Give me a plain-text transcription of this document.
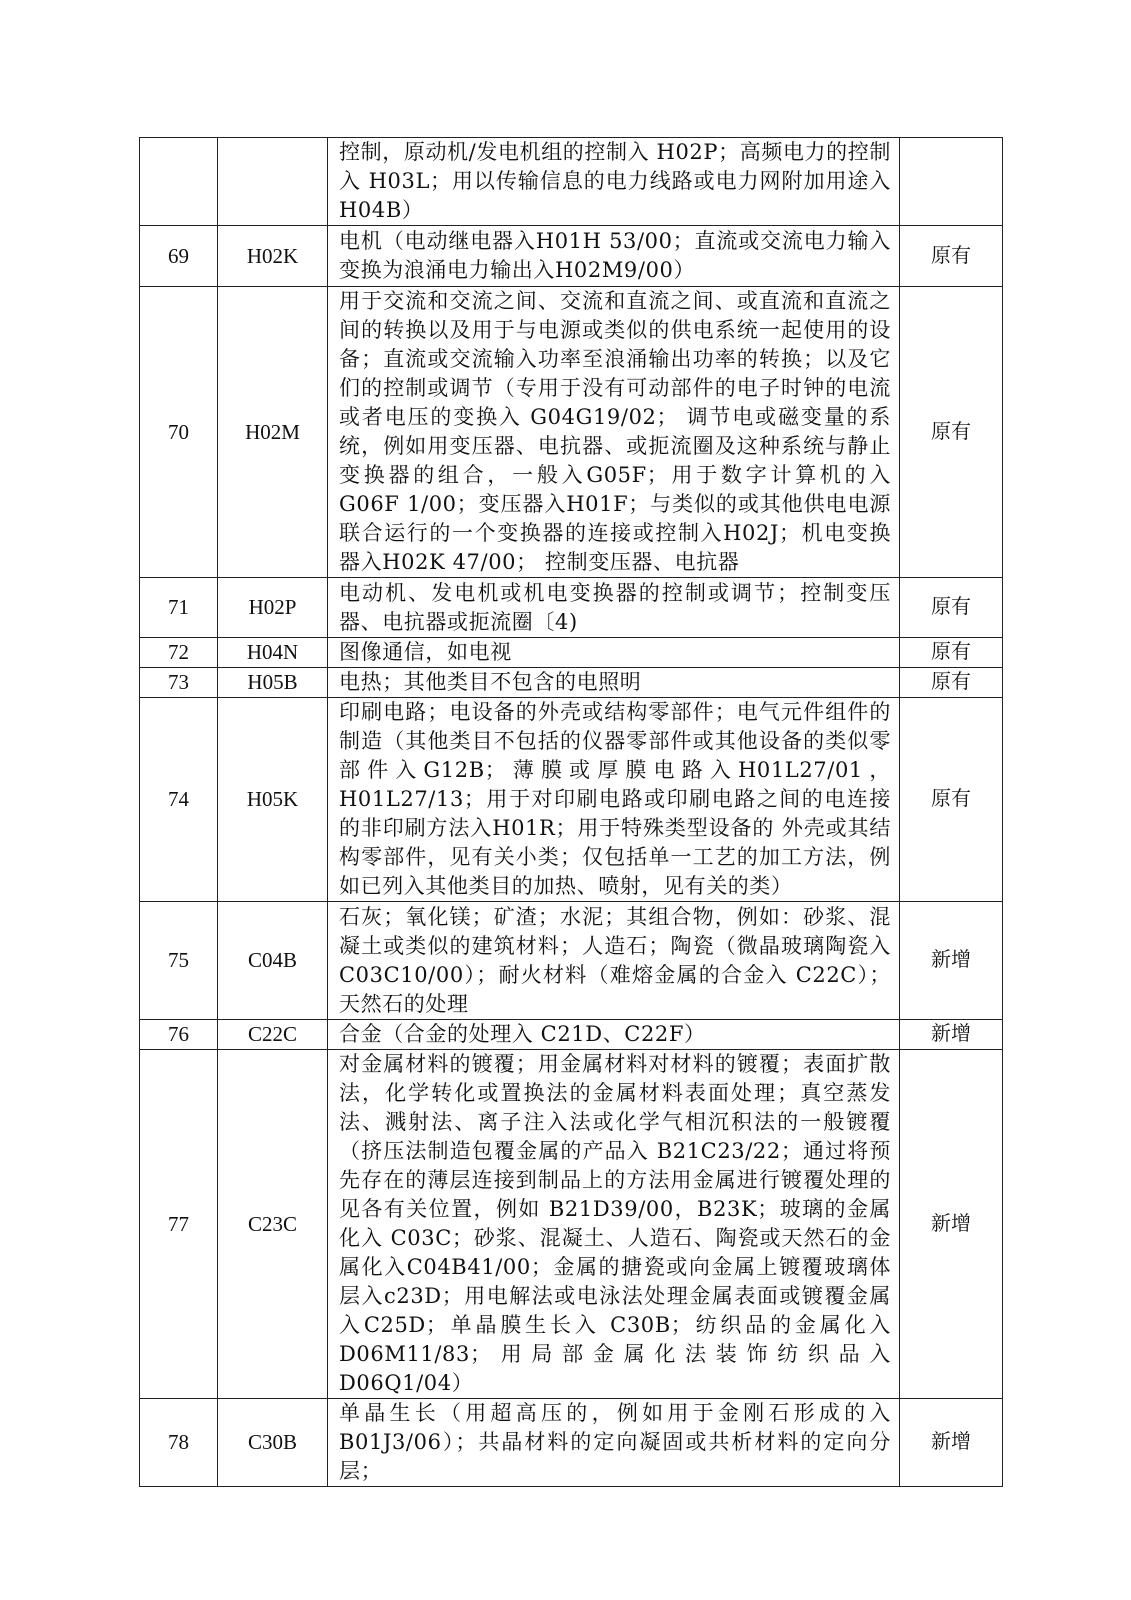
		控制，原动机/发电机组的控制入 H02P；高频电力的控制入 H03L；用以传输信息的电力线路或电力网附加用途入 H04B）	
69	H02K	电机（电动继电器入H01H 53/00；直流或交流电力输入变换为浪涌电力输出入H02M9/00）	原有
70	H02M	用于交流和交流之间、交流和直流之间、或直流和直流之间的转换以及用于与电源或类似的供电系统一起使用的设备；直流或交流输入功率至浪涌输出功率的转换；以及它们的控制或调节（专用于没有可动部件的电子时钟的电流或者电压的变换入 G04G19/02； 调节电或磁变量的系统，例如用变压器、电抗器、或扼流圈及这种系统与静止变换器的组合，一般入G05F；用于数字计算机的入G06F 1/00；变压器入H01F；与类似的或其他供电电源联合运行的一个变换器的连接或控制入H02J；机电变换器入H02K 47/00； 控制变压器、电抗器	原有
71	H02P	电动机、发电机或机电变换器的控制或调节；控制变压器、电抗器或扼流圈〔4)	原有
72	H04N	图像通信，如电视	原有
73	H05B	电热；其他类目不包含的电照明	原有
74	H05K	印刷电路；电设备的外壳或结构零部件；电气元件组件的制造（其他类目不包括的仪器零部件或其他设备的类似零部件入G12B；薄膜或厚膜电路入H01L27/01，H01L27/13；用于对印刷电路或印刷电路之间的电连接的非印刷方法入H01R；用于特殊类型设备的 外壳或其结构零部件，见有关小类；仅包括单一工艺的加工方法，例如已列入其他类目的加热、喷射，见有关的类）	原有
75	C04B	石灰；氧化镁；矿渣；水泥；其组合物，例如：砂浆、混凝土或类似的建筑材料；人造石；陶瓷（微晶玻璃陶瓷入C03C10/00）；耐火材料（难熔金属的合金入 C22C）；天然石的处理	新增
76	C22C	合金（合金的处理入 C21D、C22F）	新增
77	C23C	对金属材料的镀覆；用金属材料对材料的镀覆；表面扩散法，化学转化或置换法的金属材料表面处理；真空蒸发法、溅射法、离子注入法或化学气相沉积法的一般镀覆（挤压法制造包覆金属的产品入 B21C23/22；通过将预先存在的薄层连接到制品上的方法用金属进行镀覆处理的见各有关位置，例如 B21D39/00，B23K；玻璃的金属化入 C03C；砂浆、混凝土、人造石、陶瓷或天然石的金属化入C04B41/00；金属的搪瓷或向金属上镀覆玻璃体层入c23D；用电解法或电泳法处理金属表面或镀覆金属入C25D；单晶膜生长入 C30B；纺织品的金属化入D06M11/83；用局部金属化法装饰纺织品入 D06Q1/04）	新增
78	C30B	单晶生长（用超高压的，例如用于金刚石形成的入B01J3/06）；共晶材料的定向凝固或共析材料的定向分层；	新增
